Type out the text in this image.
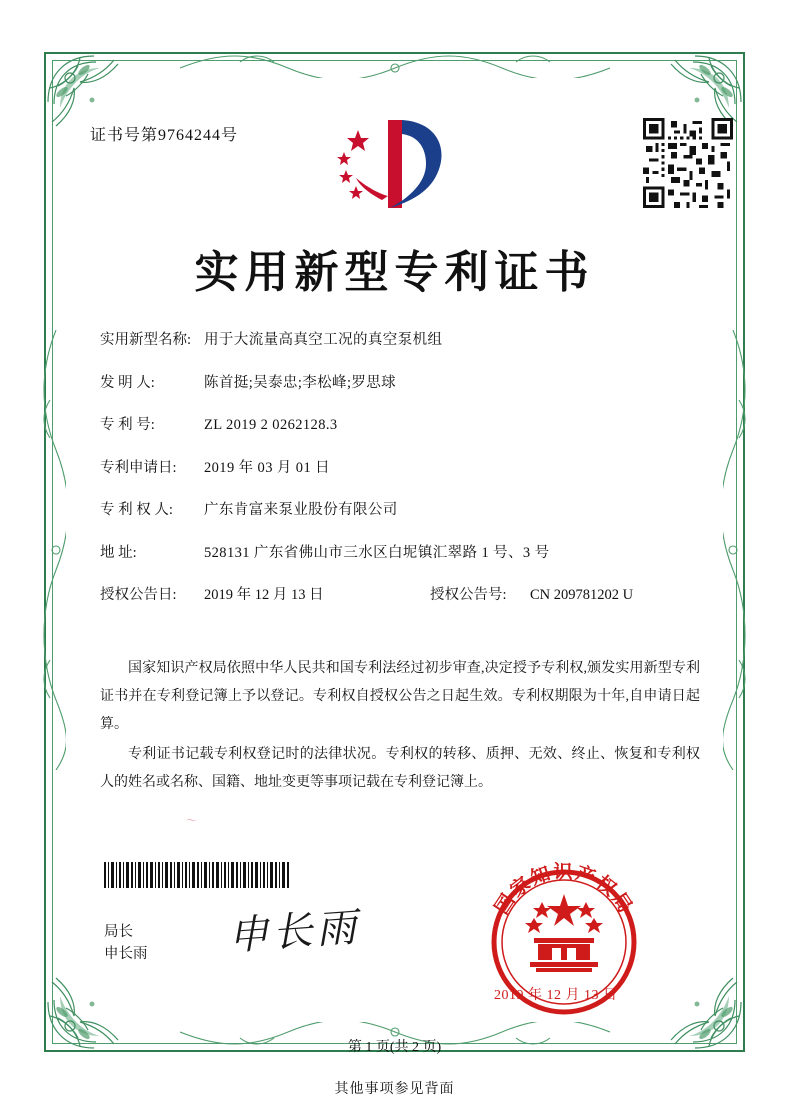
证书号第9764244号
实用新型专利证书
实用新型名称: 用于大流量高真空工况的真空泵机组
发 明 人:	陈首挺;吴泰忠;李松峰;罗思球
专 利 号:	ZL 2019 2 0262128.3
专利申请日:	2019 年 03 月 01 日
专 利 权 人:	广东肯富来泵业股份有限公司
地 址:	528131 广东省佛山市三水区白坭镇汇翠路 1 号、3 号
授权公告日:	2019 年 12 月 13 日	授权公告号:	CN 209781202 U

国家知识产权局依照中华人民共和国专利法经过初步审查,决定授予专利权,颁发实用新型专利证书并在专利登记簿上予以登记。专利权自授权公告之日起生效。专利权期限为十年,自申请日起算。

专利证书记载专利权登记时的法律状况。专利权的转移、质押、无效、终止、恢复和专利权人的姓名或名称、国籍、地址变更等事项记载在专利登记簿上。

〜
局长
申长雨 申长雨
国家知识产权局
2019 年 12 月 13 日
第 1 页(共 2 页)
其他事项参见背面
